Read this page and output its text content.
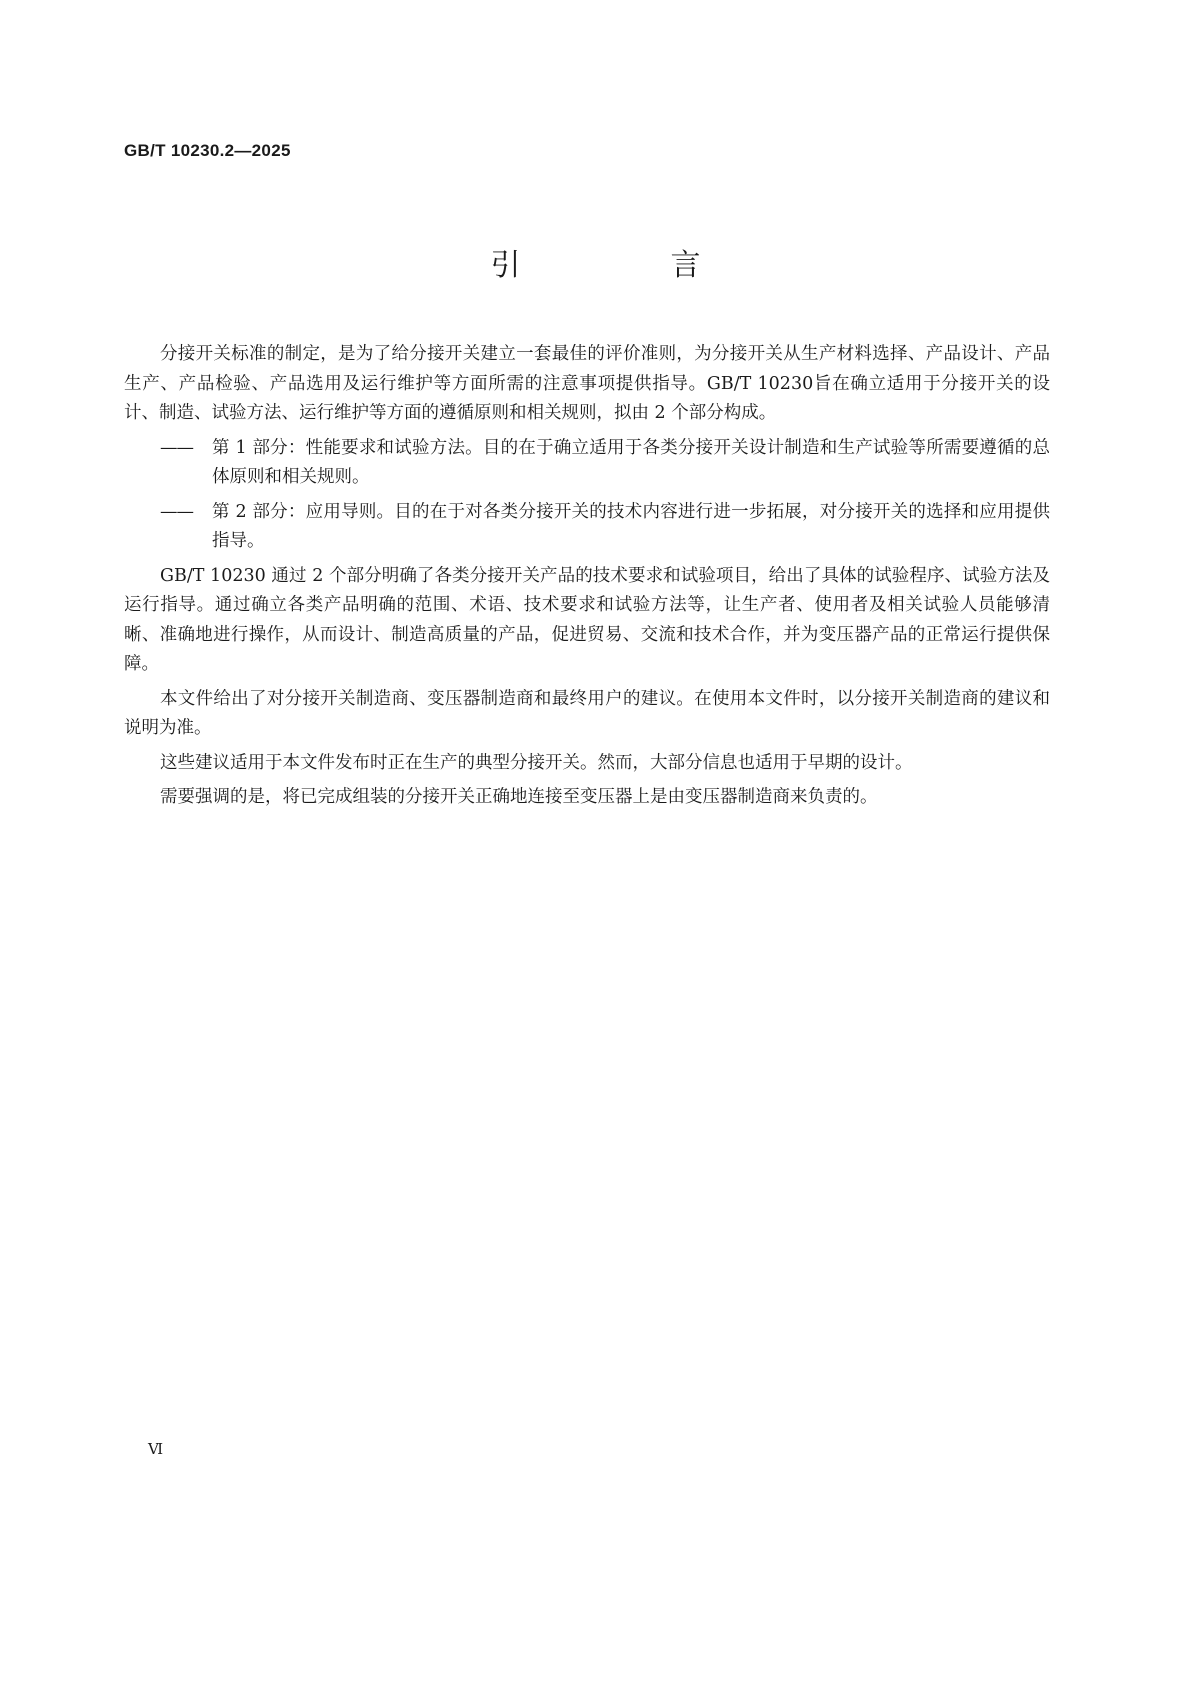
GB/T 10230.2—2025
引　言

分接开关标准的制定，是为了给分接开关建立一套最佳的评价准则，为分接开关从生产材料选择、产品设计、产品生产、产品检验、产品选用及运行维护等方面所需的注意事项提供指导。GB/T 10230旨在确立适用于分接开关的设计、制造、试验方法、运行维护等方面的遵循原则和相关规则，拟由 2 个部分构成。

——	第 1 部分：性能要求和试验方法。目的在于确立适用于各类分接开关设计制造和生产试验等所需要遵循的总体原则和相关规则。

——	第 2 部分：应用导则。目的在于对各类分接开关的技术内容进行进一步拓展，对分接开关的选择和应用提供指导。

GB/T 10230 通过 2 个部分明确了各类分接开关产品的技术要求和试验项目，给出了具体的试验程序、试验方法及运行指导。通过确立各类产品明确的范围、术语、技术要求和试验方法等，让生产者、使用者及相关试验人员能够清晰、准确地进行操作，从而设计、制造高质量的产品，促进贸易、交流和技术合作，并为变压器产品的正常运行提供保障。

本文件给出了对分接开关制造商、变压器制造商和最终用户的建议。在使用本文件时，以分接开关制造商的建议和说明为准。

这些建议适用于本文件发布时正在生产的典型分接开关。然而，大部分信息也适用于早期的设计。

需要强调的是，将已完成组装的分接开关正确地连接至变压器上是由变压器制造商来负责的。

Ⅵ
